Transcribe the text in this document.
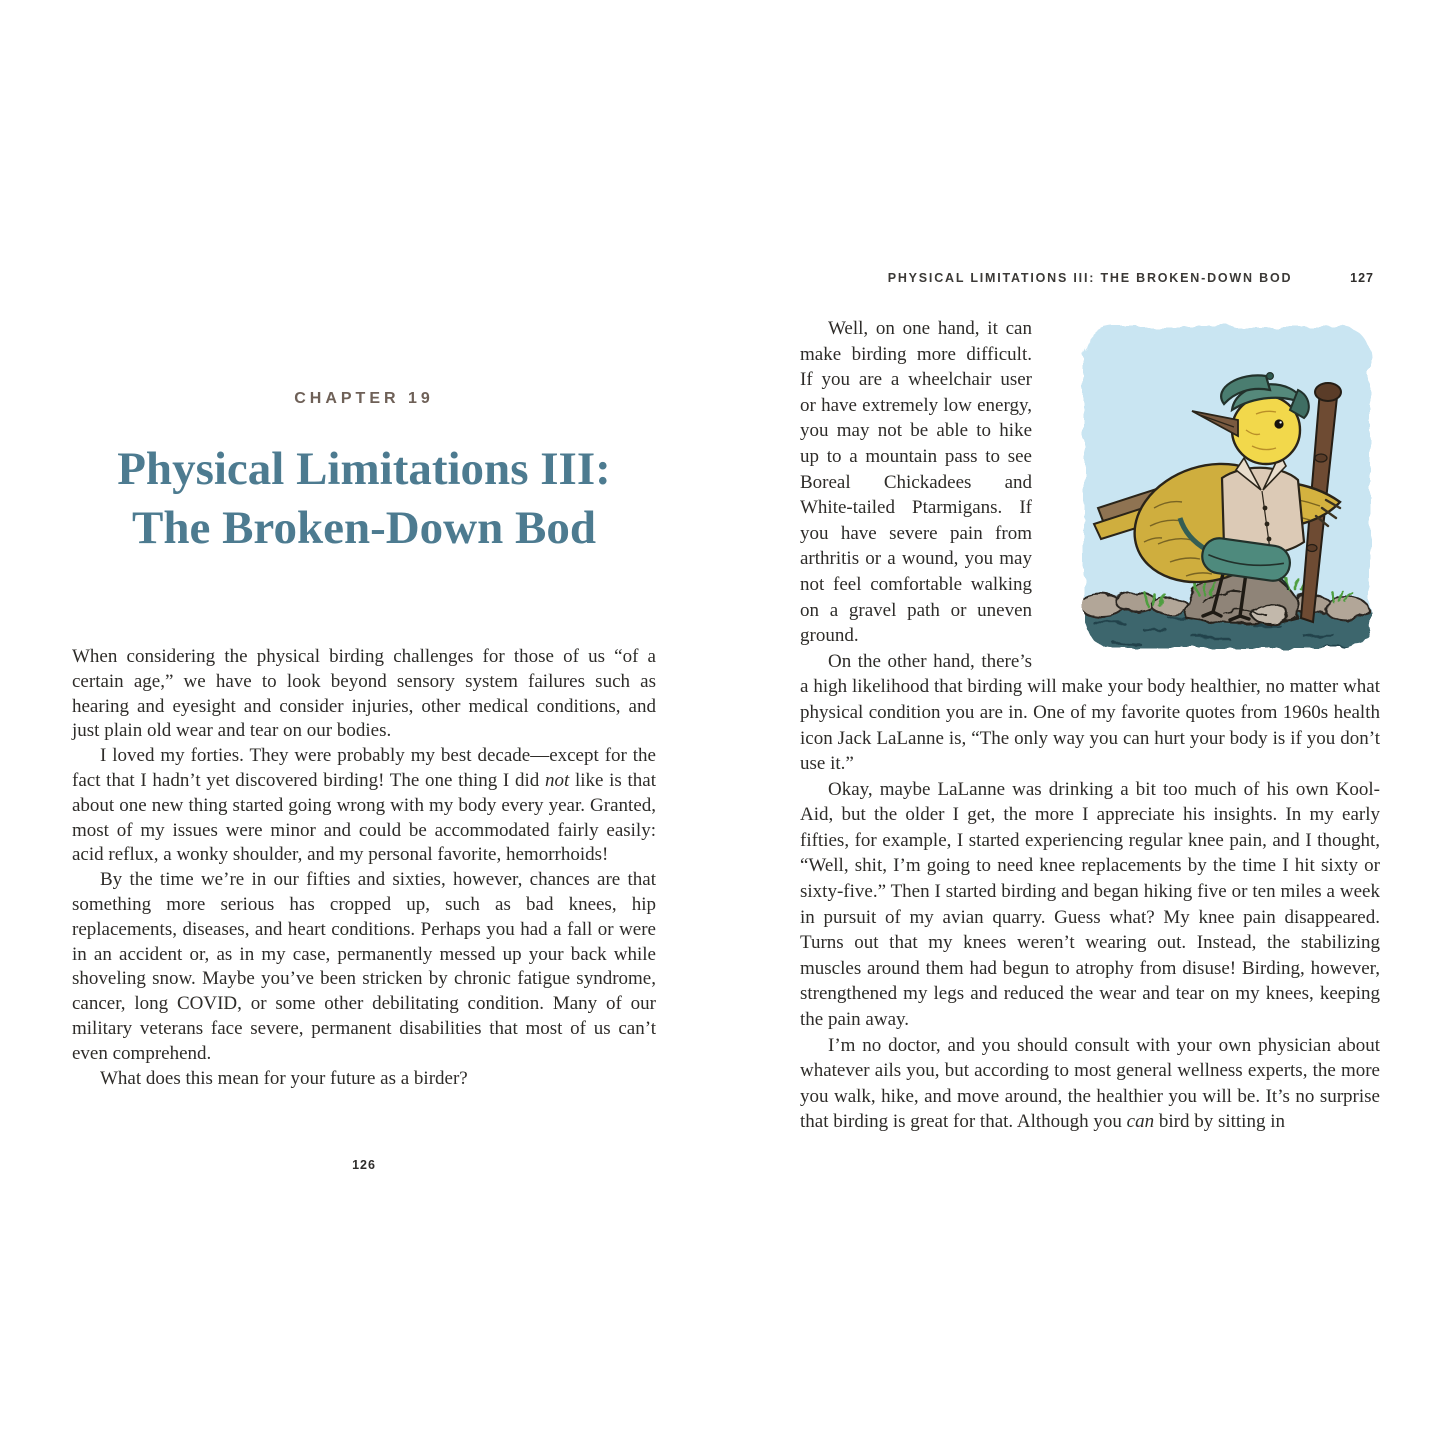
CHAPTER 19
Physical Limitations III:
The Broken-Down Bod

When considering the physical birding challenges for those of us “of a certain age,” we have to look beyond sensory system failures such as hearing and eyesight and consider injuries, other medical conditions, and just plain old wear and tear on our bodies.

I loved my forties. They were probably my best decade—except for the fact that I hadn’t yet discovered birding! The one thing I did not like is that about one new thing started going wrong with my body every year. Granted, most of my issues were minor and could be accommodated fairly easily: acid reflux, a wonky shoulder, and my personal favorite, hemorrhoids!

By the time we’re in our fifties and sixties, however, chances are that something more serious has cropped up, such as bad knees, hip replacements, diseases, and heart conditions. Perhaps you had a fall or were in an accident or, as in my case, permanently messed up your back while shoveling snow. Maybe you’ve been stricken by chronic fatigue syndrome, cancer, long COVID, or some other debilitating condition. Many of our military veterans face severe, permanent disabilities that most of us can’t even comprehend.

What does this mean for your future as a birder?

126
PHYSICAL LIMITATIONS III: THE BROKEN-DOWN BOD	127

Well, on one hand, it can make birding more difficult. If you are a wheelchair user or have extremely low energy, you may not be able to hike up to a mountain pass to see Boreal Chickadees and White-tailed Ptarmigans. If you have severe pain from arthritis or a wound, you may not feel comfortable walking on a gravel path or uneven ground.

On the other hand, there’s a high likelihood that birding will make your body healthier, no matter what physical condition you are in. One of my favorite quotes from 1960s health icon Jack LaLanne is, “The only way you can hurt your body is if you don’t use it.”

Okay, maybe LaLanne was drinking a bit too much of his own Kool-Aid, but the older I get, the more I appreciate his insights. In my early fifties, for example, I started experiencing regular knee pain, and I thought, “Well, shit, I’m going to need knee replacements by the time I hit sixty or sixty-five.” Then I started birding and began hiking five or ten miles a week in pursuit of my avian quarry. Guess what? My knee pain disappeared. Turns out that my knees weren’t wearing out. Instead, the stabilizing muscles around them had begun to atrophy from disuse! Birding, however, strengthened my legs and reduced the wear and tear on my knees, keeping the pain away.

I’m no doctor, and you should consult with your own physician about whatever ails you, but according to most general wellness experts, the more you walk, hike, and move around, the healthier you will be. It’s no surprise that birding is great for that. Although you can bird by sitting in
